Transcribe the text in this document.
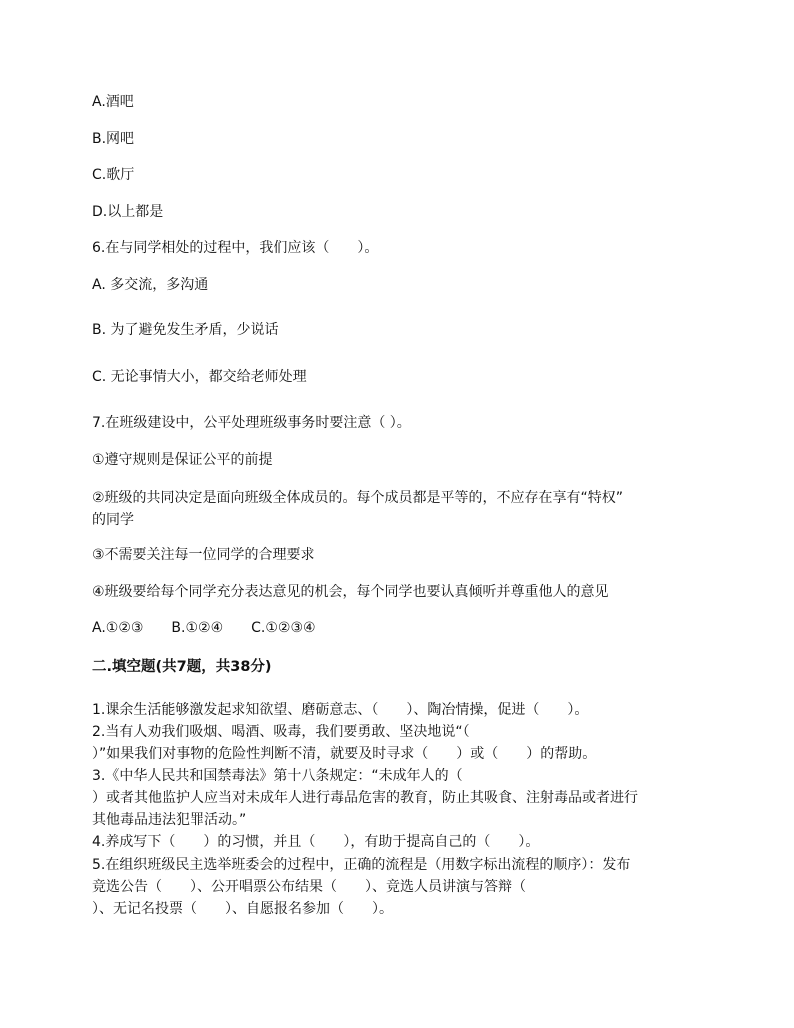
A.酒吧
B.网吧
C.歌厅
D.以上都是
6.在与同学相处的过程中，我们应该（　　）。
A. 多交流，多沟通
B. 为了避免发生矛盾，少说话
C. 无论事情大小，都交给老师处理
7.在班级建设中，公平处理班级事务时要注意（ ）。
①遵守规则是保证公平的前提
②班级的共同决定是面向班级全体成员的。每个成员都是平等的，不应存在享有“特权”
的同学
③不需要关注每一位同学的合理要求
④班级要给每个同学充分表达意见的机会，每个同学也要认真倾听并尊重他人的意见
A.①②③　　B.①②④　　C.①②③④
二.填空题(共7题，共38分)
1.课余生活能够激发起求知欲望、磨砺意志、（　　）、陶冶情操，促进（　　）。
2.当有人劝我们吸烟、喝酒、吸毒，我们要勇敢、坚决地说“（
）”如果我们对事物的危险性判断不清，就要及时寻求（　　）或（　　）的帮助。
3.《中华人民共和国禁毒法》第十八条规定：“未成年人的（
）或者其他监护人应当对未成年人进行毒品危害的教育，防止其吸食、注射毒品或者进行
其他毒品违法犯罪活动。”
4.养成写下（　　）的习惯，并且（　　），有助于提高自己的（　　）。
5.在组织班级民主选举班委会的过程中，正确的流程是（用数字标出流程的顺序）：发布
竞选公告（　　）、公开唱票公布结果（　　）、竞选人员讲演与答辩（
）、无记名投票（　　）、自愿报名参加（　　）。
